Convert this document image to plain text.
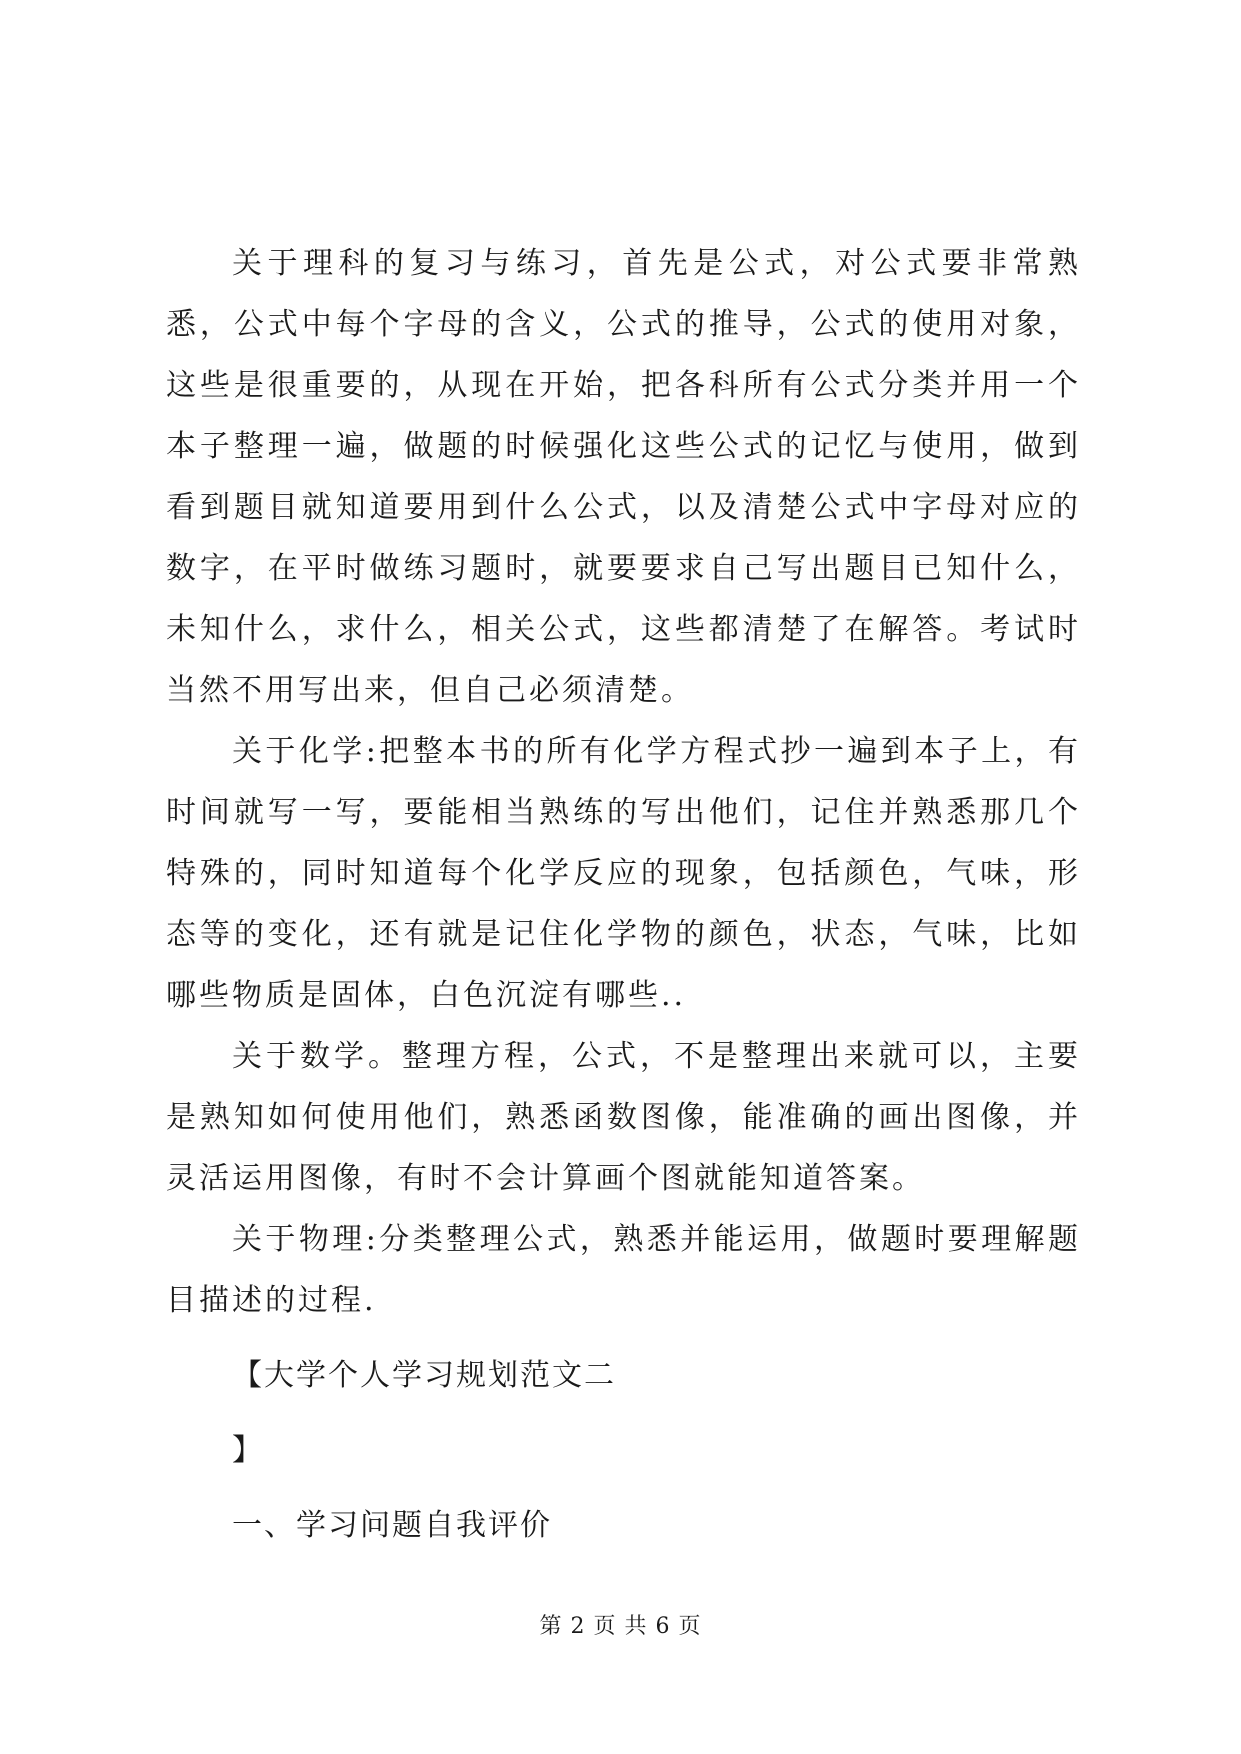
关于理科的复习与练习，首先是公式，对公式要非常熟悉，公式中每个字母的含义，公式的推导，公式的使用对象，这些是很重要的，从现在开始，把各科所有公式分类并用一个本子整理一遍，做题的时候强化这些公式的记忆与使用，做到看到题目就知道要用到什么公式，以及清楚公式中字母对应的数字，在平时做练习题时，就要要求自己写出题目已知什么，未知什么，求什么，相关公式，这些都清楚了在解答。考试时当然不用写出来，但自己必须清楚。

关于化学:把整本书的所有化学方程式抄一遍到本子上，有时间就写一写，要能相当熟练的写出他们，记住并熟悉那几个特殊的，同时知道每个化学反应的现象，包括颜色，气味，形态等的变化，还有就是记住化学物的颜色，状态，气味，比如哪些物质是固体，白色沉淀有哪些..

关于数学。整理方程，公式，不是整理出来就可以，主要是熟知如何使用他们，熟悉函数图像，能准确的画出图像，并灵活运用图像，有时不会计算画个图就能知道答案。

关于物理:分类整理公式，熟悉并能运用，做题时要理解题目描述的过程.

【大学个人学习规划范文二

】

一、学习问题自我评价

第 2 页 共 6 页
